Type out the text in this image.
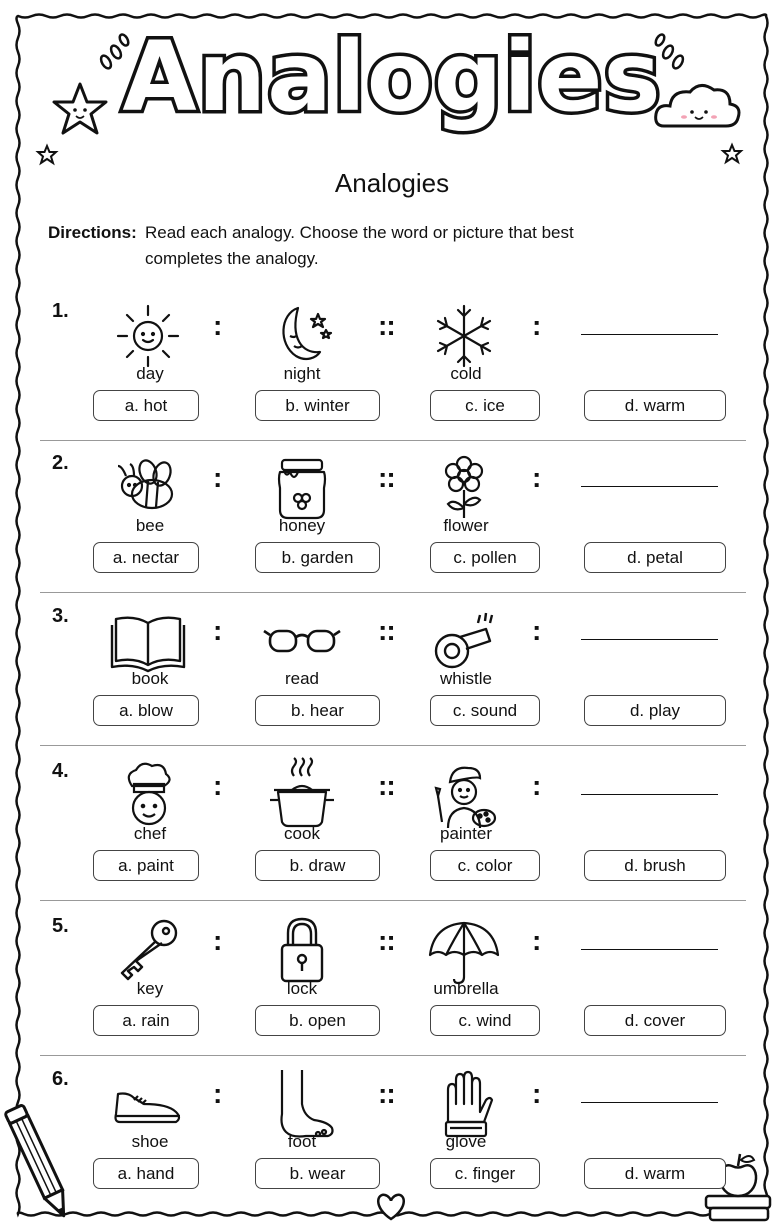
Analogies
Analogies
Directions: Read each analogy. Choose the word or picture that best completes the analogy.
1.
day	night	cold
:	::	:
a. hot	b. winter	c. ice	d. warm
2.
bee	honey	flower
:	::	:
a. nectar	b. garden	c. pollen	d. petal
3.
book	read	whistle
:	::	:
a. blow	b. hear	c. sound	d. play
4.
chef	cook	painter
:	::	:
a. paint	b. draw	c. color	d. brush
5.
key	lock	umbrella
:	::	:
a. rain	b. open	c. wind	d. cover
6.
shoe	foot	glove
:	::	:
a. hand	b. wear	c. finger	d. warm
